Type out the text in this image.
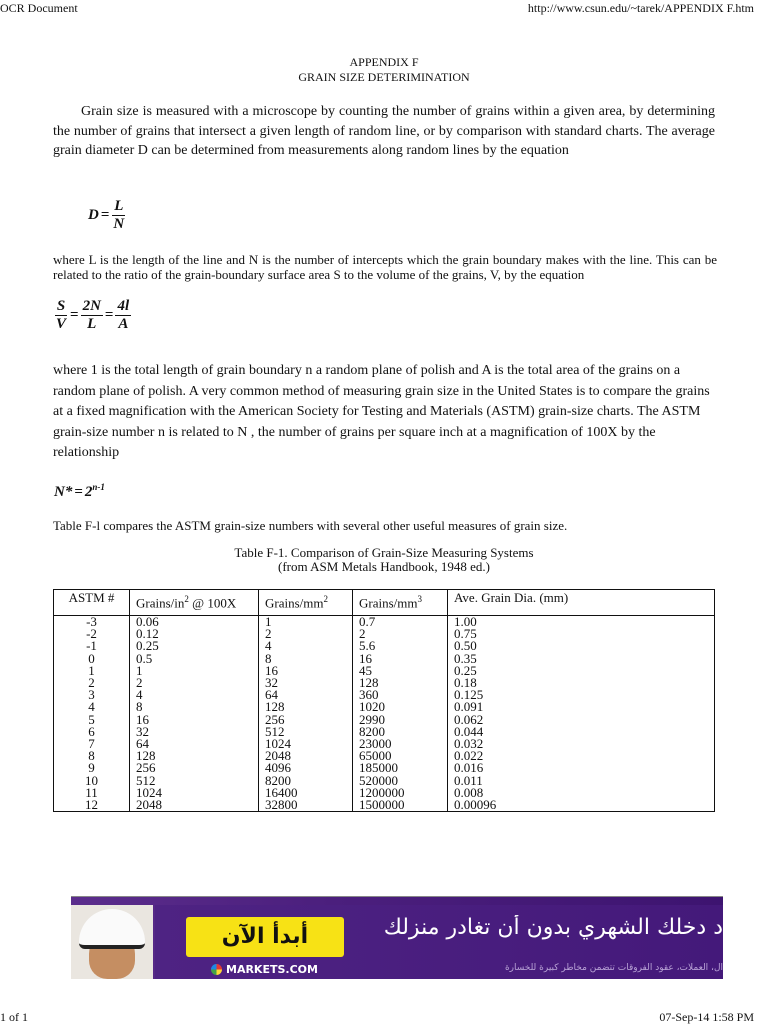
OCR Document	http://www.csun.edu/~tarek/APPENDIX F.htm
APPENDIX F
GRAIN SIZE DETERIMINATION
Grain size is measured with a microscope by counting the number of grains within a given area, by determining the number of grains that intersect a given length of random line, or by comparison with standard charts. The average grain diameter D can be determined from measurements along random lines by the equation
$D = \frac{L}{N}$
where L is the length of the line and N is the number of intercepts which the grain boundary makes with the line. This can be related to the ratio of the grain-boundary surface area S to the volume of the grains, V, by the equation
$\frac{S}{V} = \frac{2N}{L} = \frac{4l}{A}$
where 1 is the total length of grain boundary n a random plane of polish and A is the total area of the grains on a random plane of polish. A very common method of measuring grain size in the United States is to compare the grains at a fixed magnification with the American Society for Testing and Materials (ASTM) grain-size charts. The ASTM grain-size number n is related to N , the number of grains per square inch at a magnification of 100X by the relationship
$N* = 2^{n-1}$
Table F-l compares the ASTM grain-size numbers with several other useful measures of grain size.
Table F-1. Comparison of Grain-Size Measuring Systems
(from ASM Metals Handbook, 1948 ed.)
ASTM #	Grains/$in^2$ @ 100X	Grains/$mm^2$	Grains/$mm^3$	Ave. Grain Dia. (mm)
-3	0.06	1	0.7	1.00
-2	0.12	2	2	0.75
-1	0.25	4	5.6	0.50
0	0.5	8	16	0.35
1	1	16	45	0.25
2	2	32	128	0.18
3	4	64	360	0.125
4	8	128	1020	0.091
5	16	256	2990	0.062
6	32	512	8200	0.044
7	64	1024	23000	0.032
8	128	2048	65000	0.022
9	256	4096	185000	0.016
10	512	8200	520000	0.011
11	1024	16400	1200000	0.008
12	2048	32800	1500000	0.00096
أبدأ الآن
MARKETS.COM
د دخلك الشهري بدون أن تغادر منزلك
ال، العملات، عقود الفروقات تتضمن مخاطر كبيرة للخسارة
1 of 1	07-Sep-14 1:58 PM
